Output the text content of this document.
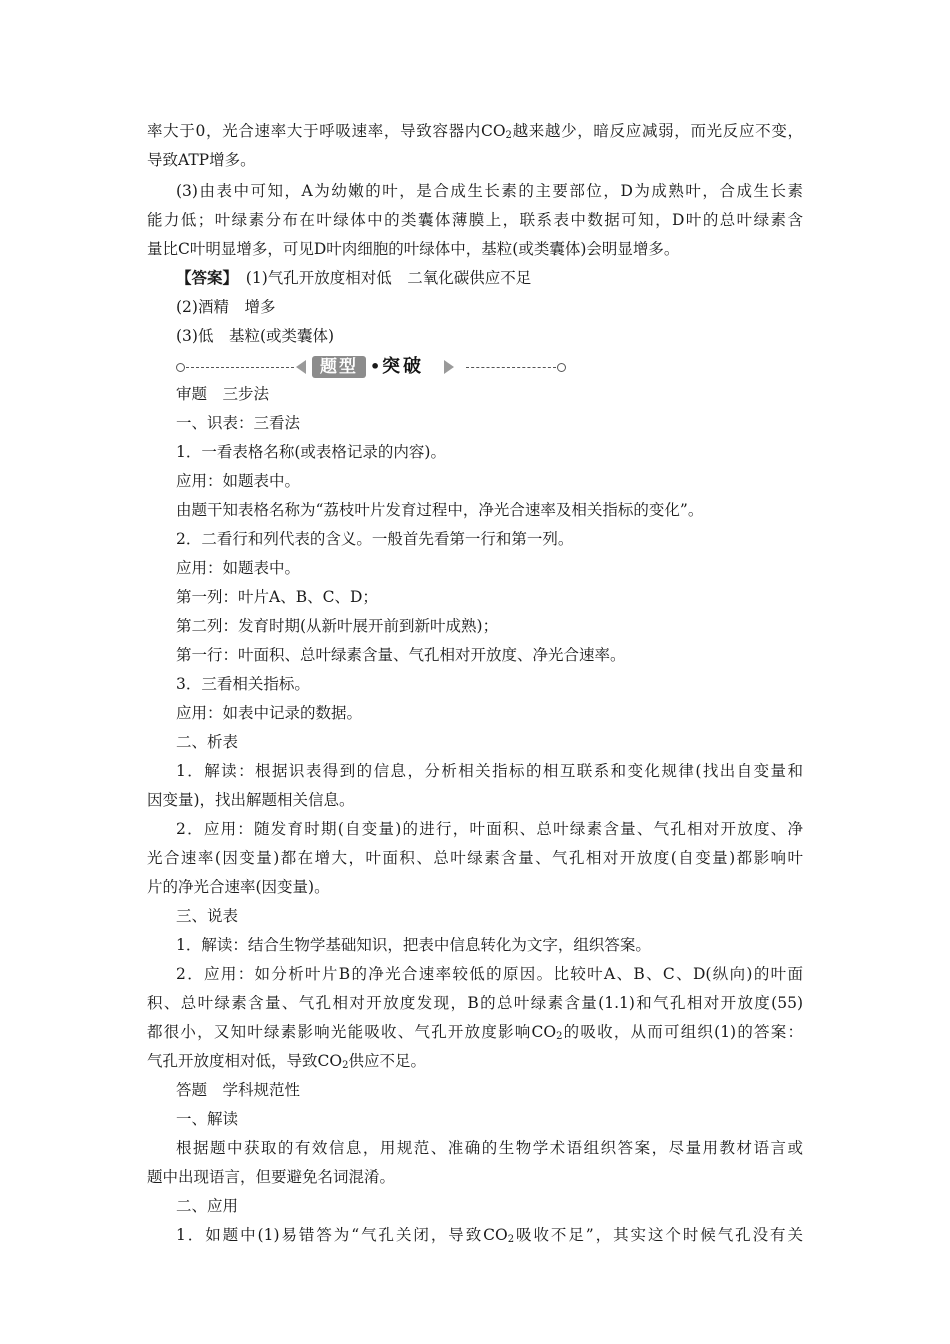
率大于0，光合速率大于呼吸速率，导致容器内$CO_2$越来越少，暗反应减弱，而光反应不变，
导致ATP增多。
(3)由表中可知，A为幼嫩的叶，是合成生长素的主要部位，D为成熟叶，合成生长素
能力低；叶绿素分布在叶绿体中的类囊体薄膜上，联系表中数据可知，D叶的总叶绿素含
量比C叶明显增多，可见D叶肉细胞的叶绿体中，基粒(或类囊体)会明显增多。
【答案】　 (1)气孔开放度相对低　二氧化碳供应不足
(2)酒精　增多
(3)低　基粒(或类囊体)
题型 • 突破
审题　三步法
一、识表：三看法
1．一看表格名称(或表格记录的内容)。
应用：如题表中。
由题干知表格名称为“荔枝叶片发育过程中，净光合速率及相关指标的变化”。
2．二看行和列代表的含义。一般首先看第一行和第一列。
应用：如题表中。
第一列：叶片A、B、C、D；
第二列：发育时期(从新叶展开前到新叶成熟)；
第一行：叶面积、总叶绿素含量、气孔相对开放度、净光合速率。
3．三看相关指标。
应用：如表中记录的数据。
二、析表
1．解读：根据识表得到的信息，分析相关指标的相互联系和变化规律(找出自变量和
因变量)，找出解题相关信息。
2．应用：随发育时期(自变量)的进行，叶面积、总叶绿素含量、气孔相对开放度、净
光合速率(因变量)都在增大，叶面积、总叶绿素含量、气孔相对开放度(自变量)都影响叶
片的净光合速率(因变量)。
三、说表
1．解读：结合生物学基础知识，把表中信息转化为文字，组织答案。
2．应用：如分析叶片B的净光合速率较低的原因。比较叶A、B、C、D(纵向)的叶面
积、总叶绿素含量、气孔相对开放度发现，B的总叶绿素含量(1.1)和气孔相对开放度(55)
都很小，又知叶绿素影响光能吸收、气孔开放度影响$CO_2$的吸收，从而可组织(1)的答案：
气孔开放度相对低，导致$CO_2$供应不足。
答题　学科规范性
一、解读
根据题中获取的有效信息，用规范、准确的生物学术语组织答案，尽量用教材语言或
题中出现语言，但要避免名词混淆。
二、应用
1．如题中(1)易错答为“气孔关闭，导致$CO_2$吸收不足”，其实这个时候气孔没有关
